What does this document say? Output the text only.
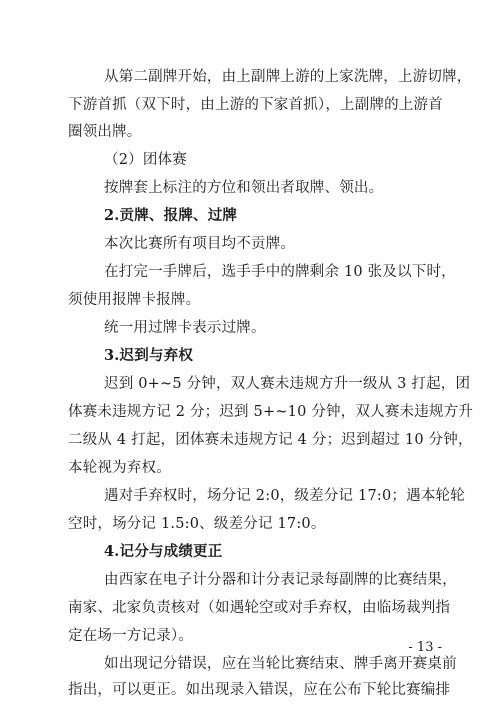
从第二副牌开始，由上副牌上游的上家洗牌，上游切牌，
下游首抓（双下时，由上游的下家首抓），上副牌的上游首
圈领出牌。
（2）团体赛
按牌套上标注的方位和领出者取牌、领出。
2.贡牌、报牌、过牌
本次比赛所有项目均不贡牌。
在打完一手牌后，选手手中的牌剩余 10 张及以下时，
须使用报牌卡报牌。
统一用过牌卡表示过牌。
3.迟到与弃权
迟到 0+~5 分钟，双人赛未违规方升一级从 3 打起，团
体赛未违规方记 2 分；迟到 5+~10 分钟，双人赛未违规方升
二级从 4 打起，团体赛未违规方记 4 分；迟到超过 10 分钟，
本轮视为弃权。
遇对手弃权时，场分记 2:0，级差分记 17:0；遇本轮轮
空时，场分记 1.5:0、级差分记 17:0。
4.记分与成绩更正
由西家在电子计分器和计分表记录每副牌的比赛结果，
南家、北家负责核对（如遇轮空或对手弃权，由临场裁判指
定在场一方记录）。
如出现记分错误，应在当轮比赛结束、牌手离开赛桌前
指出，可以更正。如出现录入错误，应在公布下轮比赛编排
- 13 -
